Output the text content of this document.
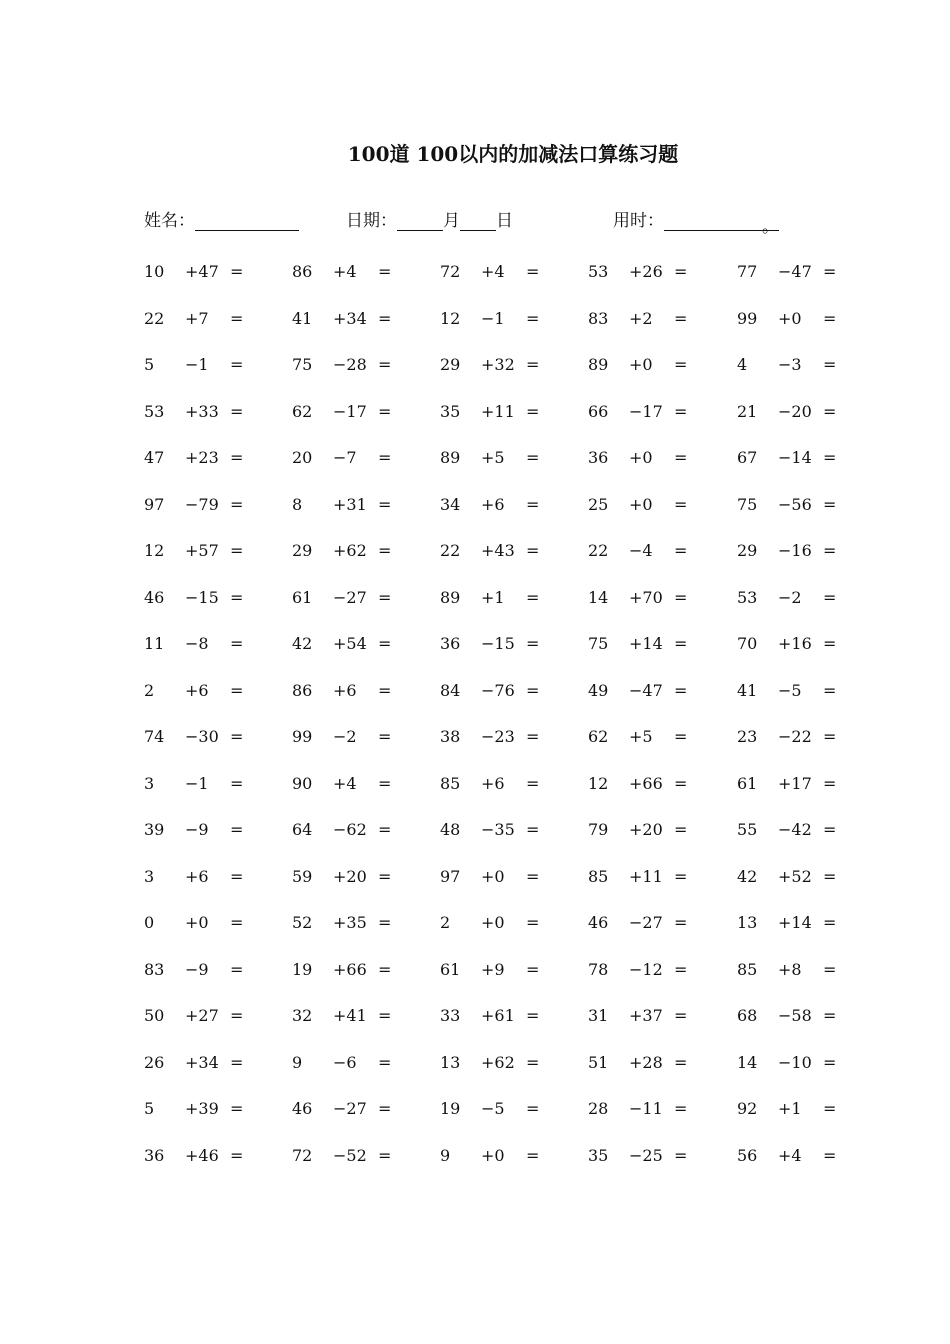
100道 100以内的加减法口算练习题
姓名：	日期：	月 日	用时：	。
10 +47 =	86 +4 =	72 +4 =	53 +26 =	77 −47 =
22 +7 =	41 +34 =	12 −1 =	83 +2 =	99 +0 =
5 −1 =	75 −28 =	29 +32 =	89 +0 =	4 −3 =
53 +33 =	62 −17 =	35 +11 =	66 −17 =	21 −20 =
47 +23 =	20 −7 =	89 +5 =	36 +0 =	67 −14 =
97 −79 =	8 +31 =	34 +6 =	25 +0 =	75 −56 =
12 +57 =	29 +62 =	22 +43 =	22 −4 =	29 −16 =
46 −15 =	61 −27 =	89 +1 =	14 +70 =	53 −2 =
11 −8 =	42 +54 =	36 −15 =	75 +14 =	70 +16 =
2 +6 =	86 +6 =	84 −76 =	49 −47 =	41 −5 =
74 −30 =	99 −2 =	38 −23 =	62 +5 =	23 −22 =
3 −1 =	90 +4 =	85 +6 =	12 +66 =	61 +17 =
39 −9 =	64 −62 =	48 −35 =	79 +20 =	55 −42 =
3 +6 =	59 +20 =	97 +0 =	85 +11 =	42 +52 =
0 +0 =	52 +35 =	2 +0 =	46 −27 =	13 +14 =
83 −9 =	19 +66 =	61 +9 =	78 −12 =	85 +8 =
50 +27 =	32 +41 =	33 +61 =	31 +37 =	68 −58 =
26 +34 =	9 −6 =	13 +62 =	51 +28 =	14 −10 =
5 +39 =	46 −27 =	19 −5 =	28 −11 =	92 +1 =
36 +46 =	72 −52 =	9 +0 =	35 −25 =	56 +4 =
